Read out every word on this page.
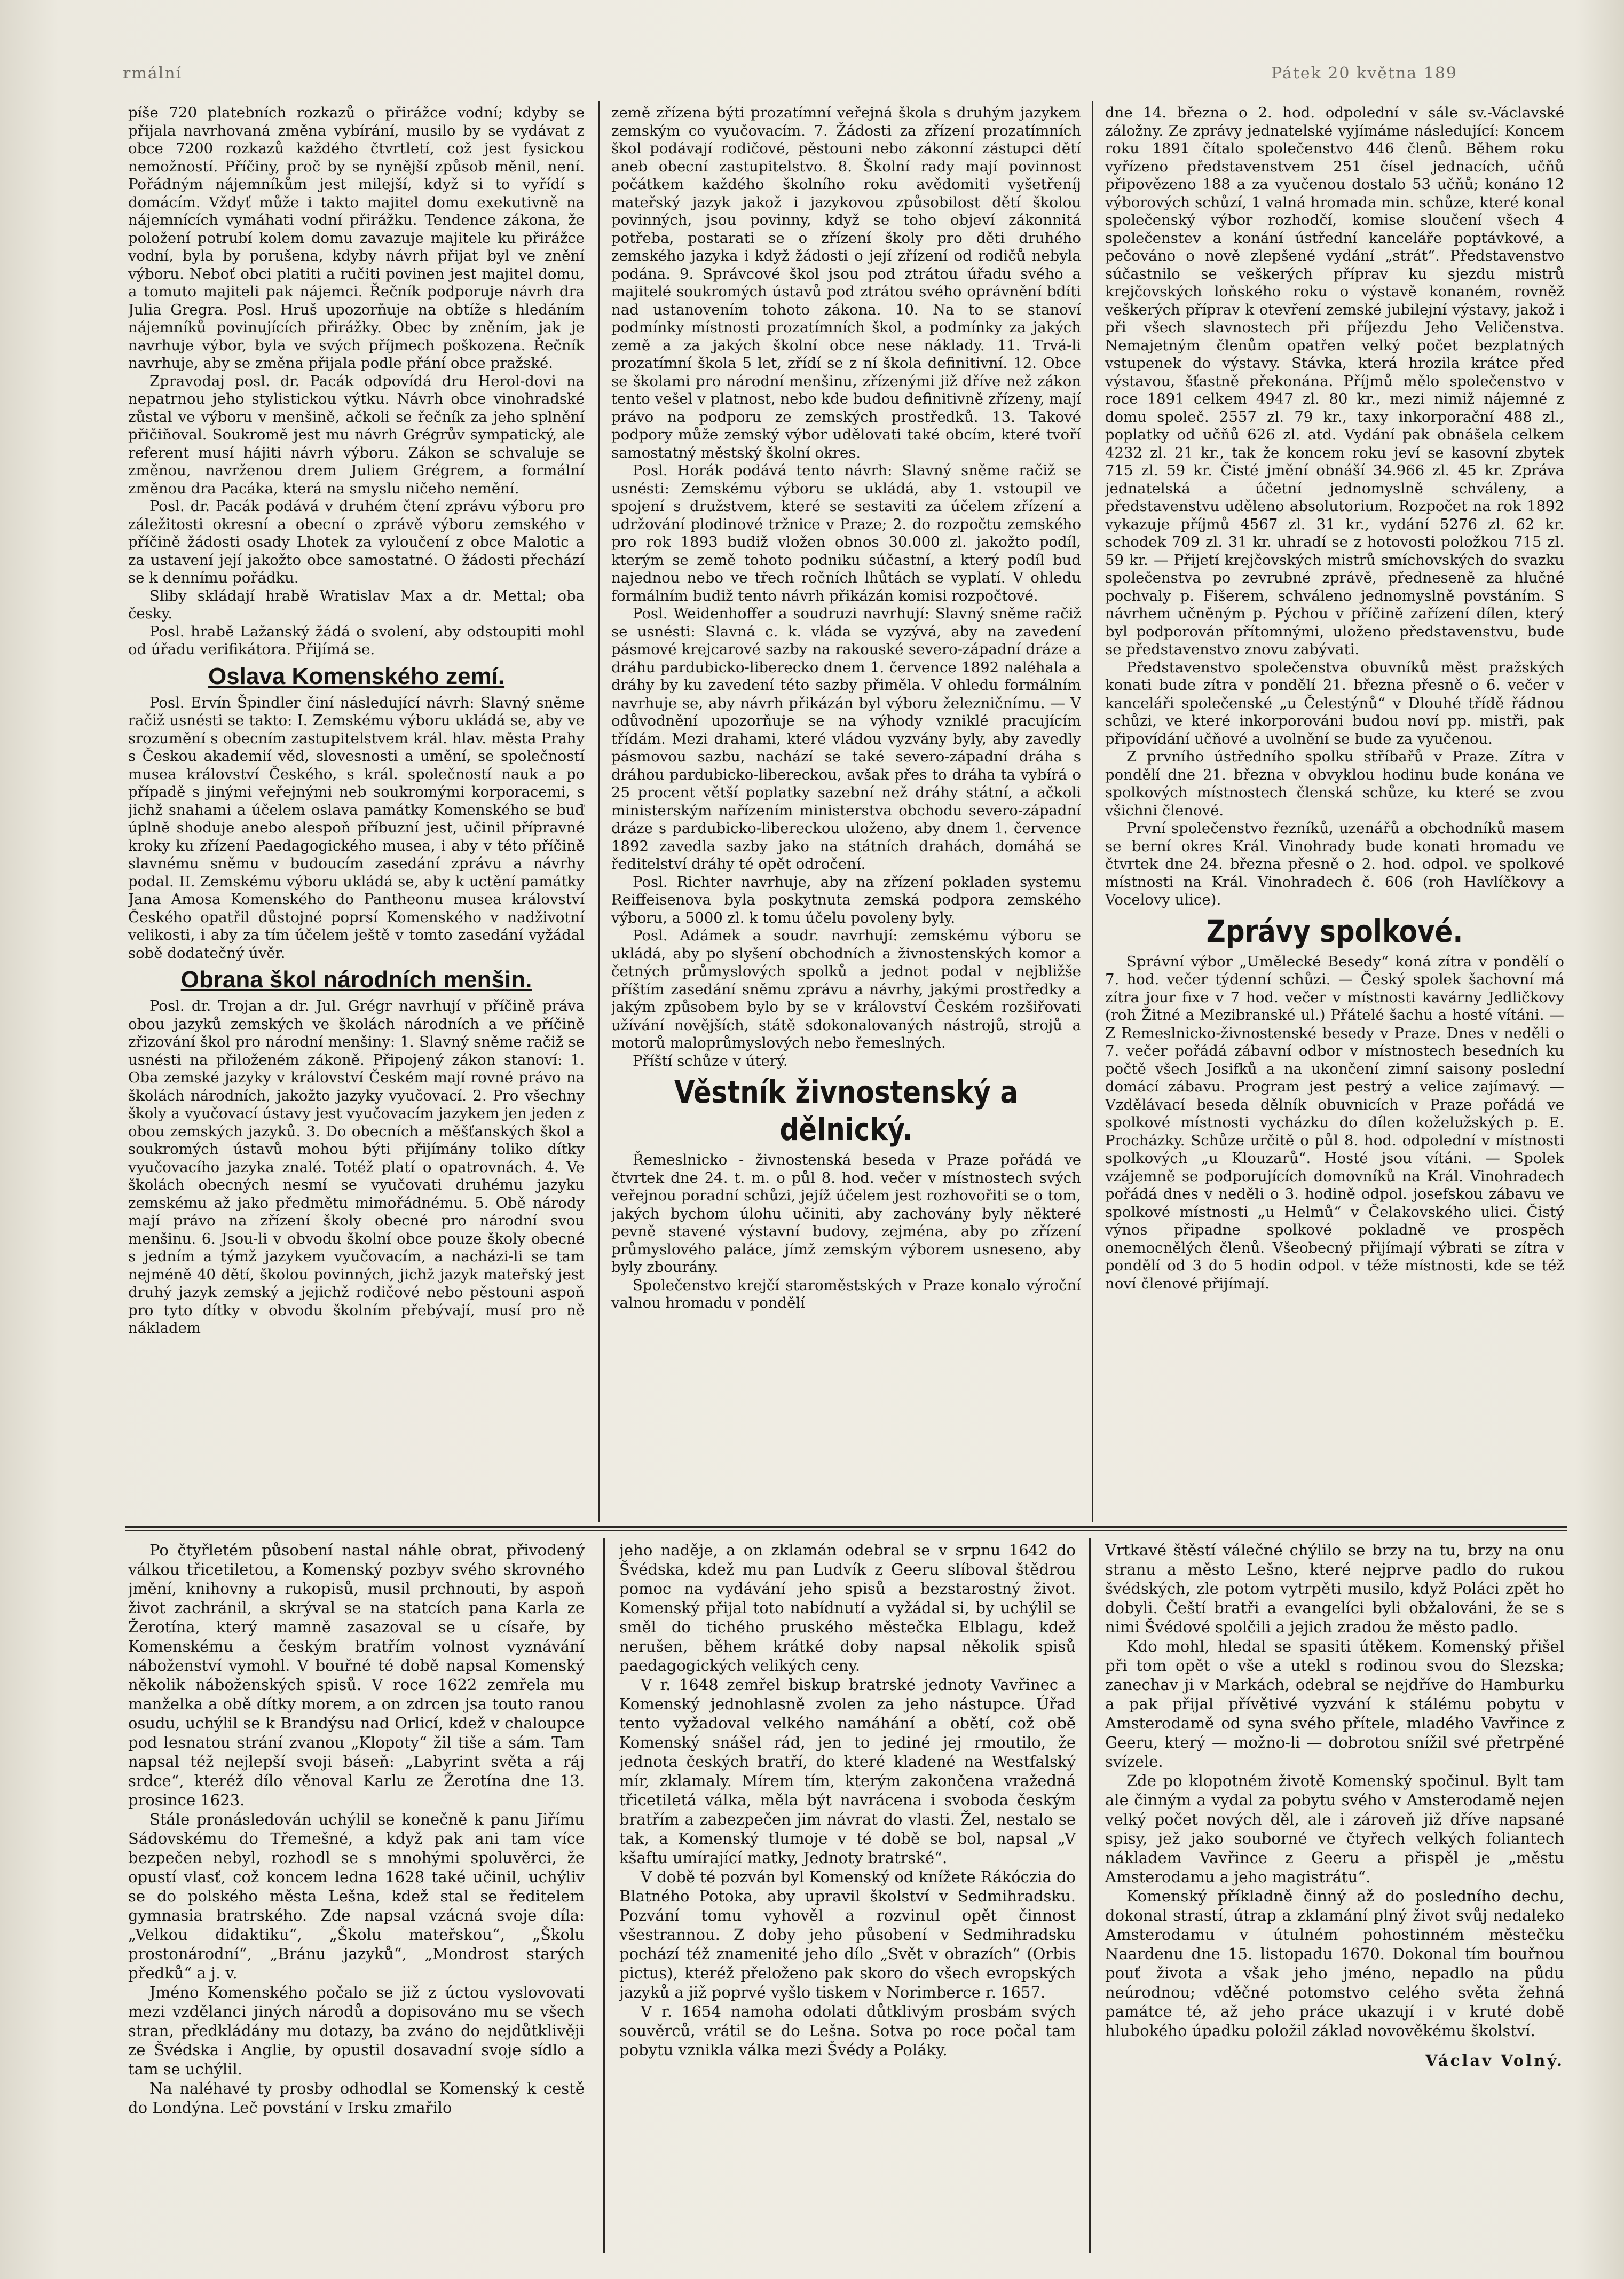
rmální	Pátek 20 května 189

píše 720 platebních rozkazů o přirážce vodní; kdyby se přijala navrhovaná změna vybírání, musilo by se vydávat z obce 7200 rozkazů každého čtvrtletí, což jest fysickou nemožností. Příčiny, proč by se nynější způsob měnil, není. Pořádným nájemníkům jest milejší, když si to vyřídí s domácím. Vždyť může i takto majitel domu exekutivně na nájemnících vymáhati vodní přirážku. Tendence zákona, že položení potrubí kolem domu zavazuje majitele ku přirážce vodní, byla by porušena, kdyby návrh přijat byl ve znění výboru. Neboť obci platiti a ručiti povinen jest majitel domu, a tomuto majiteli pak nájemci. Řečník podporuje návrh dra Julia Gregra. Posl. Hruš upozorňuje na obtíže s hledáním nájemníků povinujících přirážky. Obec by zněním, jak je navrhuje výbor, byla ve svých příjmech poškozena. Řečník navrhuje, aby se změna přijala podle přání obce pražské.

Zpravodaj posl. dr. Pacák odpovídá dru Herol-dovi na nepatrnou jeho stylistickou výtku. Návrh obce vinohradské zůstal ve výboru v menšině, ačkoli se řečník za jeho splnění přičiňoval. Soukromě jest mu návrh Grégrův sympatický, ale referent musí hájiti návrh výboru. Zákon se schvaluje se změnou, navrženou drem Juliem Grégrem, a formální změnou dra Pacáka, která na smyslu ničeho nemění.

Posl. dr. Pacák podává v druhém čtení zprávu výboru pro záležitosti okresní a obecní o zprávě výboru zemského v příčině žádosti osady Lhotek za vyloučení z obce Malotic a za ustavení její jakožto obce samostatné. O žádosti přechází se k dennímu pořádku.

Sliby skládají hrabě Wratislav Max a dr. Mettal; oba česky.

Posl. hrabě Lažanský žádá o svolení, aby odstoupiti mohl od úřadu verifikátora. Přijímá se.

Oslava Komenského zemí.

Posl. Ervín Špindler činí následující návrh: Slavný sněme račiž usnésti se takto: I. Zemskému výboru ukládá se, aby ve srozumění s obecním zastupitelstvem král. hlav. města Prahy s Českou akademií věd, slovesnosti a umění, se společností musea království Českého, s král. společností nauk a po případě s jinými veřejnými neb soukromými korporacemi, s jichž snahami a účelem oslava památky Komenského se buď úplně shoduje anebo alespoň příbuzní jest, učinil přípravné kroky ku zřízení Paedagogického musea, i aby v této příčině slavnému sněmu v budoucím zasedání zprávu a návrhy podal. II. Zemskému výboru ukládá se, aby k uctění památky Jana Amosa Komenského do Pantheonu musea království Českého opatřil důstojné poprsí Komenského v nadživotní velikosti, i aby za tím účelem ještě v tomto zasedání vyžádal sobě dodatečný úvěr.

Obrana škol národních menšin.

Posl. dr. Trojan a dr. Jul. Grégr navrhují v příčině práva obou jazyků zemských ve školách národních a ve příčině zřizování škol pro národní menšiny: 1. Slavný sněme račiž se usnésti na přiloženém zákoně. Připojený zákon stanoví: 1. Oba zemské jazyky v království Českém mají rovné právo na školách národních, jakožto jazyky vyučovací. 2. Pro všechny školy a vyučovací ústavy jest vyučovacím jazykem jen jeden z obou zemských jazyků. 3. Do obecních a měšťanských škol a soukromých ústavů mohou býti přijímány toliko dítky vyučovacího jazyka znalé. Totéž platí o opatrovnách. 4. Ve školách obecných nesmí se vyučovati druhému jazyku zemskému až jako předmětu mimořádnému. 5. Obě národy mají právo na zřízení školy obecné pro národní svou menšinu. 6. Jsou-li v obvodu školní obce pouze školy obecné s jedním a týmž jazykem vyučovacím, a nacházi-li se tam nejméně 40 dětí, školou povinných, jichž jazyk mateřský jest druhý jazyk zemský a jejichž rodičové nebo pěstouni aspoň pro tyto dítky v obvodu školním přebývají, musí pro ně nákladem

země zřízena býti prozatímní veřejná škola s druhým jazykem zemským co vyučovacím. 7. Žádosti za zřízení prozatímních škol podávají rodičové, pěstouni nebo zákonní zástupci dětí aneb obecní zastupitelstvo. 8. Školní rady mají povinnost počátkem každého školního roku avědomiti vyšetřeníj mateřský jazyk jakož i jazykovou způsobilost dětí školou povinných, jsou povinny, když se toho objeví zákonnitá potřeba, postarati se o zřízení školy pro děti druhého zemského jazyka i když žádosti o její zřízení od rodičů nebyla podána. 9. Správcové škol jsou pod ztrátou úřadu svého a majitelé soukromých ústavů pod ztrátou svého oprávnění bdíti nad ustanovením tohoto zákona. 10. Na to se stanoví podmínky místnosti prozatímních škol, a podmínky za jakých země a za jakých školní obce nese náklady. 11. Trvá-li prozatímní škola 5 let, zřídí se z ní škola definitivní. 12. Obce se školami pro národní menšinu, zřízenými již dříve než zákon tento vešel v platnost, nebo kde budou definitivně zřízeny, mají právo na podporu ze zemských prostředků. 13. Takové podpory může zemský výbor udělovati také obcím, které tvoří samostatný městský školní okres.

Posl. Horák podává tento návrh: Slavný sněme račiž se usnésti: Zemskému výboru se ukládá, aby 1. vstoupil ve spojení s družstvem, které se sestaviti za účelem zřízení a udržování plodinové tržnice v Praze; 2. do rozpočtu zemského pro rok 1893 budiž vložen obnos 30.000 zl. jakožto podíl, kterým se země tohoto podniku súčastní, a který podíl bud najednou nebo ve třech ročních lhůtách se vyplatí. V ohledu formálním budiž tento návrh přikázán komisi rozpočtové.

Posl. Weidenhoffer a soudruzi navrhují: Slavný sněme račiž se usnésti: Slavná c. k. vláda se vyzývá, aby na zavedení pásmové krejcarové sazby na rakouské severo-západní dráze a dráhu pardubicko-liberecko dnem 1. července 1892 naléhala a dráhy by ku zavedení této sazby přiměla. V ohledu formálním navrhuje se, aby návrh přikázán byl výboru železničnímu. — V odůvodnění upozorňuje se na výhody vzniklé pracujícím třídám. Mezi drahami, které vládou vyzvány byly, aby zavedly pásmovou sazbu, nachází se také severo-západní dráha s dráhou pardubicko-libereckou, avšak přes to dráha ta vybírá o 25 procent větší poplatky sazební než dráhy státní, a ačkoli ministerským nařízením ministerstva obchodu severo-západní dráze s pardubicko-libereckou uloženo, aby dnem 1. července 1892 zavedla sazby jako na státních drahách, domáhá se ředitelství dráhy té opět odročení.

Posl. Richter navrhuje, aby na zřízení pokladen systemu Reiffeisenova byla poskytnuta zemská podpora zemského výboru, a 5000 zl. k tomu účelu povoleny byly.

Posl. Adámek a soudr. navrhují: zemskému výboru se ukládá, aby po slyšení obchodních a živnostenských komor a četných průmyslových spolků a jednot podal v nejbližše příštím zasedání sněmu zprávu a návrhy, jakými prostředky a jakým způsobem bylo by se v království Českém rozšiřovati užívání novějších, státě sdokonalovaných nástrojů, strojů a motorů maloprůmyslových nebo řemeslných.

Příští schůze v úterý.

Věstník živnostenský a dělnický.

Řemeslnicko - živnostenská beseda v Praze pořádá ve čtvrtek dne 24. t. m. o půl 8. hod. večer v místnostech svých veřejnou poradní schůzi, jejíž účelem jest rozhovořiti se o tom, jakých bychom úlohu učiniti, aby zachovány byly některé pevně stavené výstavní budovy, zejména, aby po zřízení průmyslového paláce, jímž zemským výborem usneseno, aby byly zbourány.

Společenstvo krejčí staroměstských v Praze konalo výroční valnou hromadu v pondělí

dne 14. března o 2. hod. odpolední v sále sv.-Václavské záložny. Ze zprávy jednatelské vyjímáme následující: Koncem roku 1891 čítalo společenstvo 446 členů. Během roku vyřízeno představenstvem 251 čísel jednacích, učňů připovězeno 188 a za vyučenou dostalo 53 učňů; konáno 12 výborových schůzí, 1 valná hromada min. schůze, které konal společenský výbor rozhodčí, komise sloučení všech 4 společenstev a konání ústřední kanceláře poptávkové, a pečováno o nově zlepšené vydání „strát“. Představenstvo súčastnilo se veškerých příprav ku sjezdu mistrů krejčovských loňského roku o výstavě konaném, rovněž veškerých příprav k otevření zemské jubilejní výstavy, jakož i při všech slavnostech při příjezdu Jeho Veličenstva. Nemajetným členům opatřen velký počet bezplatných vstupenek do výstavy. Stávka, která hrozila krátce před výstavou, šťastně překonána. Příjmů mělo společenstvo v roce 1891 celkem 4947 zl. 80 kr., mezi nimiž nájemné z domu společ. 2557 zl. 79 kr., taxy inkorporační 488 zl., poplatky od učňů 626 zl. atd. Vydání pak obnášela celkem 4232 zl. 21 kr., tak že koncem roku jeví se kasovní zbytek 715 zl. 59 kr. Čisté jmění obnáší 34.966 zl. 45 kr. Zpráva jednatelská a účetní jednomyslně schváleny, a představenstvu uděleno absolutorium. Rozpočet na rok 1892 vykazuje příjmů 4567 zl. 31 kr., vydání 5276 zl. 62 kr. schodek 709 zl. 31 kr. uhradí se z hotovosti položkou 715 zl. 59 kr. — Přijetí krejčovských mistrů smíchovských do svazku společenstva po zevrubné zprávě, předneseně za hlučné pochvaly p. Fišerem, schváleno jednomyslně povstáním. S návrhem učněným p. Pýchou v příčině zařízení dílen, který byl podporován přítomnými, uloženo představenstvu, bude se představenstvo znovu zabývati.

Představenstvo společenstva obuvníků měst pražských konati bude zítra v pondělí 21. března přesně o 6. večer v kanceláři společenské „u Čelestýnů“ v Dlouhé třídě řádnou schůzi, ve které inkorporováni budou noví pp. mistři, pak připovídání učňové a uvolnění se bude za vyučenou.

Z prvního ústředního spolku stříbařů v Praze. Zítra v pondělí dne 21. března v obvyklou hodinu bude konána ve spolkových místnostech členská schůze, ku které se zvou všichni členové.

První společenstvo řezníků, uzenářů a obchodníků masem se berní okres Král. Vinohrady bude konati hromadu ve čtvrtek dne 24. března přesně o 2. hod. odpol. ve spolkové místnosti na Král. Vinohradech č. 606 (roh Havlíčkovy a Vocelovy ulice).

Zprávy spolkové.

Správní výbor „Umělecké Besedy“ koná zítra v pondělí o 7. hod. večer týdenní schůzi. — Český spolek šachovní má zítra jour fixe v 7 hod. večer v místnosti kavárny Jedličkovy (roh Žitné a Mezibranské ul.) Přátelé šachu a hosté vítáni. — Z Remeslnicko-živnostenské besedy v Praze. Dnes v neděli o 7. večer pořádá zábavní odbor v místnostech besedních ku počtě všech Josifků a na ukončení zimní saisony poslední domácí zábavu. Program jest pestrý a velice zajímavý. — Vzdělávací beseda dělník obuvnicích v Praze pořádá ve spolkové místnosti vycházku do dílen koželužských p. E. Procházky. Schůze určitě o půl 8. hod. odpolední v místnosti spolkových „u Klouzarů“. Hosté jsou vítáni. — Spolek vzájemně se podporujících domovníků na Král. Vinohradech pořádá dnes v neděli o 3. hodině odpol. josefskou zábavu ve spolkové místnosti „u Helmů“ v Čelakovského ulici. Čistý výnos připadne spolkové pokladně ve prospěch onemocnělých členů. Všeobecný přijímají výbrati se zítra v pondělí od 3 do 5 hodin odpol. v téže místnosti, kde se též noví členové přijímají.

Po čtyřletém působení nastal náhle obrat, přivodený válkou třicetiletou, a Komenský pozbyv svého skrovného jmění, knihovny a rukopisů, musil prchnouti, by aspoň život zachránil, a skrýval se na statcích pana Karla ze Žerotína, který mamně zasazoval se u císaře, by Komenskému a českým bratřím volnost vyznávání náboženství vymohl. V bouřné té době napsal Komenský několik náboženských spisů. V roce 1622 zemřela mu manželka a obě dítky morem, a on zdrcen jsa touto ranou osudu, uchýlil se k Brandýsu nad Orlicí, kdež v chaloupce pod lesnatou strání zvanou „Klopoty“ žil tiše a sám. Tam napsal též nejlepší svoji báseň: „Labyrint světa a ráj srdce“, kteréž dílo věnoval Karlu ze Žerotína dne 13. prosince 1623.

Stále pronásledován uchýlil se konečně k panu Jiřímu Sádovskému do Třemešné, a když pak ani tam více bezpečen nebyl, rozhodl se s mnohými spoluvěrci, že opustí vlasť, což koncem ledna 1628 také učinil, uchýliv se do polského města Lešna, kdež stal se ředitelem gymnasia bratrského. Zde napsal vzácná svoje díla: „Velkou didaktiku“, „Školu mateřskou“, „Školu prostonárodní“, „Bránu jazyků“, „Mondrost starých předků“ a j. v.

Jméno Komenského počalo se již z úctou vyslovovati mezi vzdělanci jiných národů a dopisováno mu se všech stran, předkládány mu dotazy, ba zváno do nejdůtklivěji ze Švédska i Anglie, by opustil dosavadní svoje sídlo a tam se uchýlil.

Na naléhavé ty prosby odhodlal se Komenský k cestě do Londýna. Leč povstání v Irsku zmařilo

jeho naděje, a on zklamán odebral se v srpnu 1642 do Švédska, kdež mu pan Ludvík z Geeru slíboval štědrou pomoc na vydávání jeho spisů a bezstarostný život. Komenský přijal toto nabídnutí a vyžádal si, by uchýlil se směl do tichého pruského městečka Elblagu, kdež nerušen, během krátké doby napsal několik spisů paedagogických velikých ceny.

V r. 1648 zemřel biskup bratrské jednoty Vavřinec a Komenský jednohlasně zvolen za jeho nástupce. Úřad tento vyžadoval velkého namáhání a obětí, což obě Komenský snášel rád, jen to jediné jej rmoutilo, že jednota českých bratří, do které kladené na Westfalský mír, zklamaly. Mírem tím, kterým zakončena vražedná třicetiletá válka, měla být navrácena i svoboda českým bratřím a zabezpečen jim návrat do vlasti. Žel, nestalo se tak, a Komenský tlumoje v té době se bol, napsal „V kšaftu umírající matky, Jednoty bratrské“.

V době té pozván byl Komenský od knížete Rákóczia do Blatného Potoka, aby upravil školství v Sedmihradsku. Pozvání tomu vyhověl a rozvinul opět činnost všestrannou. Z doby jeho působení v Sedmihradsku pochází též znamenité jeho dílo „Svět v obrazích“ (Orbis pictus), kteréž přeloženo pak skoro do všech evropských jazyků a již poprvé vyšlo tiskem v Norimberce r. 1657.

V r. 1654 namoha odolati důtklivým prosbám svých souvěrců, vrátil se do Lešna. Sotva po roce počal tam pobytu vznikla válka mezi Švédy a Poláky.

Vrtkavé štěstí válečné chýlilo se brzy na tu, brzy na onu stranu a město Lešno, které nejprve padlo do rukou švédských, zle potom vytrpěti musilo, když Poláci zpět ho dobyli. Čeští bratři a evangelíci byli obžalováni, že se s nimi Švédové spolčili a jejich zradou že město padlo.

Kdo mohl, hledal se spasiti útěkem. Komenský přišel při tom opět o vše a utekl s rodinou svou do Slezska; zanechav ji v Markách, odebral se nejdříve do Hamburku a pak přijal přívětivé vyzvání k stálému pobytu v Amsterodamě od syna svého přítele, mladého Vavřince z Geeru, který — možno-li — dobrotou snížil své přetrpěné svízele.

Zde po klopotném životě Komenský spočinul. Bylt tam ale činným a vydal za pobytu svého v Amsterodamě nejen velký počet nových děl, ale i zároveň již dříve napsané spisy, jež jako souborné ve čtyřech velkých foliantech nákladem Vavřince z Geeru a přispěl je „městu Amsterodamu a jeho magistrátu“.

Komenský příkladně činný až do posledního dechu, dokonal strastí, útrap a zklamání plný život svůj nedaleko Amsterodamu v útulném pohostinném městečku Naardenu dne 15. listopadu 1670. Dokonal tím bouřnou pouť života a však jeho jméno, nepadlo na půdu neúrodnou; vděčné potomstvo celého světa žehná památce té, až jeho práce ukazují i v kruté době hlubokého úpadku položil základ novověkému školství.

Václav Volný.
